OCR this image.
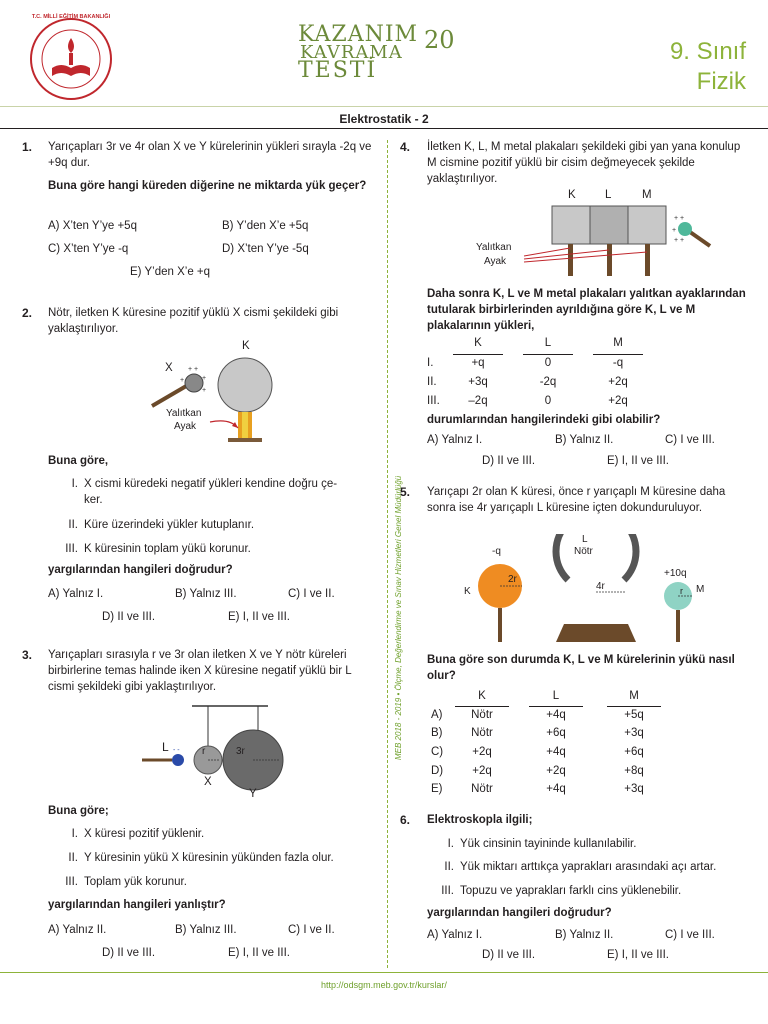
T.C. MİLLİ EĞİTİM BAKANLIĞI
KAZANIM
KAVRAMA
TESTİ
20	9. Sınıf
Fizik
Elektrostatik - 2
MEB 2018 - 2019 • Ölçme, Değerlendirme ve Sınav Hizmetleri Genel Müdürlüğü
1. Yarıçapları 3r ve 4r olan X ve Y kürelerinin yükleri sırayla -2q ve +9q dur.
Buna göre hangi küreden diğerine ne miktarda yük geçer?
A) X’ten Y’ye +5q	B) Y’den X’e +5q
C) X’ten Y’ye -q	D) X’ten Y’ye -5q
E) Y’den X’e +q
2. Nötr, iletken K küresine pozitif yüklü X cismi şekildeki gibi yaklaştırılıyor.
+ +
+
+
+
K
X
Yalıtkan
Ayak
Buna göre,
I. X cismi küredeki negatif yükleri kendine doğru çe-
ker.
II. Küre üzerindeki yükler kutuplanır.
III. K küresinin toplam yükü korunur.
yargılarından hangileri doğrudur?
A) Yalnız I.	B) Yalnız III.	C) I ve II.
D) II ve III.	E) I, II ve III.
3. Yarıçapları sırasıyla r ve 3r olan iletken X ve Y nötr küreleri birbirlerine temas halinde iken X küresine negatif yüklü bir L cismi şekildeki gibi yaklaştırılıyor.
- -
L	r	3r
X
Y
Buna göre;
I. X küresi pozitif yüklenir.
II. Y küresinin yükü X küresinin yükünden fazla olur.
III. Toplam yük korunur.
yargılarından hangileri yanlıştır?
A) Yalnız II.	B) Yalnız III.	C) I ve II.
D) II ve III.	E) I, II ve III.
4. İletken K, L, M metal plakaları şekildeki gibi yan yana konulup M cismine pozitif yüklü bir cisim değmeyecek şekilde yaklaştırılıyor.
+ +
+
+ +
K	L	M
Yalıtkan
Ayak
Daha sonra K, L ve M metal plakaları yalıtkan ayaklarından tutularak birbirlerinden ayrıldığına göre K, L ve M plakalarının yükleri,
K	L	M
I.	+q	0	-q
II.	+3q	-2q	+2q
III.	–2q	0	+2q
durumlarından hangilerindeki gibi olabilir?
A) Yalnız I.	B) Yalnız II.	C) I ve III.
D) II ve III.	E) I, II ve III.
5. Yarıçapı 2r olan K küresi, önce r yarıçaplı M küresine daha sonra ise 4r yarıçaplı L küresine içten dokunduruluyor.
-q
K
2r
L
Nötr
4r
+10q
M
r
Buna göre son durumda K, L ve M kürelerinin yükü nasıl olur?
K	L	M
A)	Nötr	+4q	+5q
B)	Nötr	+6q	+3q
C)	+2q	+4q	+6q
D)	+2q	+2q	+8q
E)	Nötr	+4q	+3q
6. Elektroskopla ilgili;
I. Yük cinsinin tayininde kullanılabilir.
II. Yük miktarı arttıkça yaprakları arasındaki açı artar.
III. Topuzu ve yaprakları farklı cins yüklenebilir.
yargılarından hangileri doğrudur?
A) Yalnız I.	B) Yalnız II.	C) I ve III.
D) II ve III.	E) I, II ve III.
http://odsgm.meb.gov.tr/kurslar/
